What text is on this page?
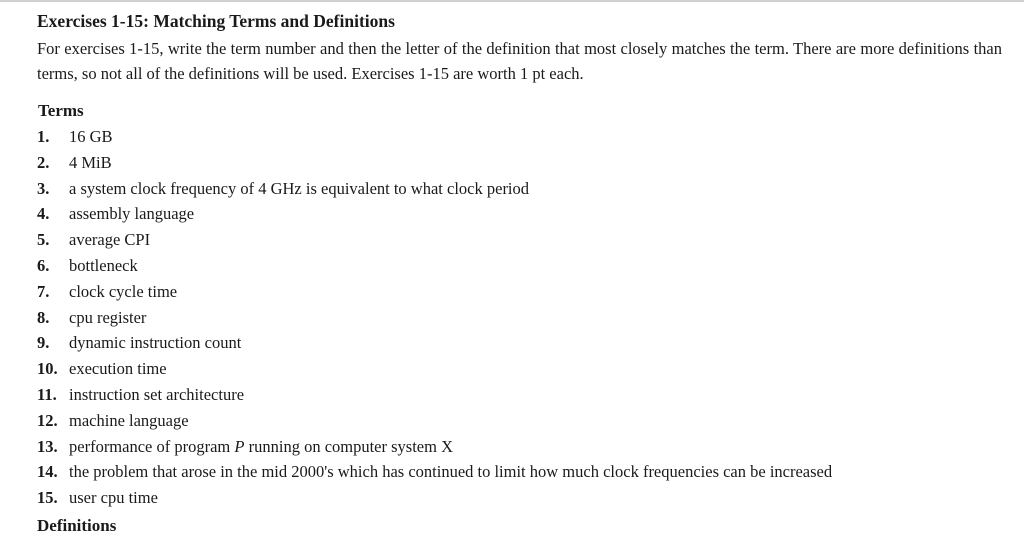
Exercises 1-15: Matching Terms and Definitions

For exercises 1-15, write the term number and then the letter of the definition that most closely matches the term. There are more definitions than terms, so not all of the definitions will be used. Exercises 1-15 are worth 1 pt each.

Terms
1. 16 GB
2. 4 MiB
3. a system clock frequency of 4 GHz is equivalent to what clock period
4. assembly language
5. average CPI
6. bottleneck
7. clock cycle time
8. cpu register
9. dynamic instruction count
10. execution time
11. instruction set architecture
12. machine language
13. performance of program P running on computer system X
14. the problem that arose in the mid 2000's which has continued to limit how much clock frequencies can be increased
15. user cpu time
Definitions
